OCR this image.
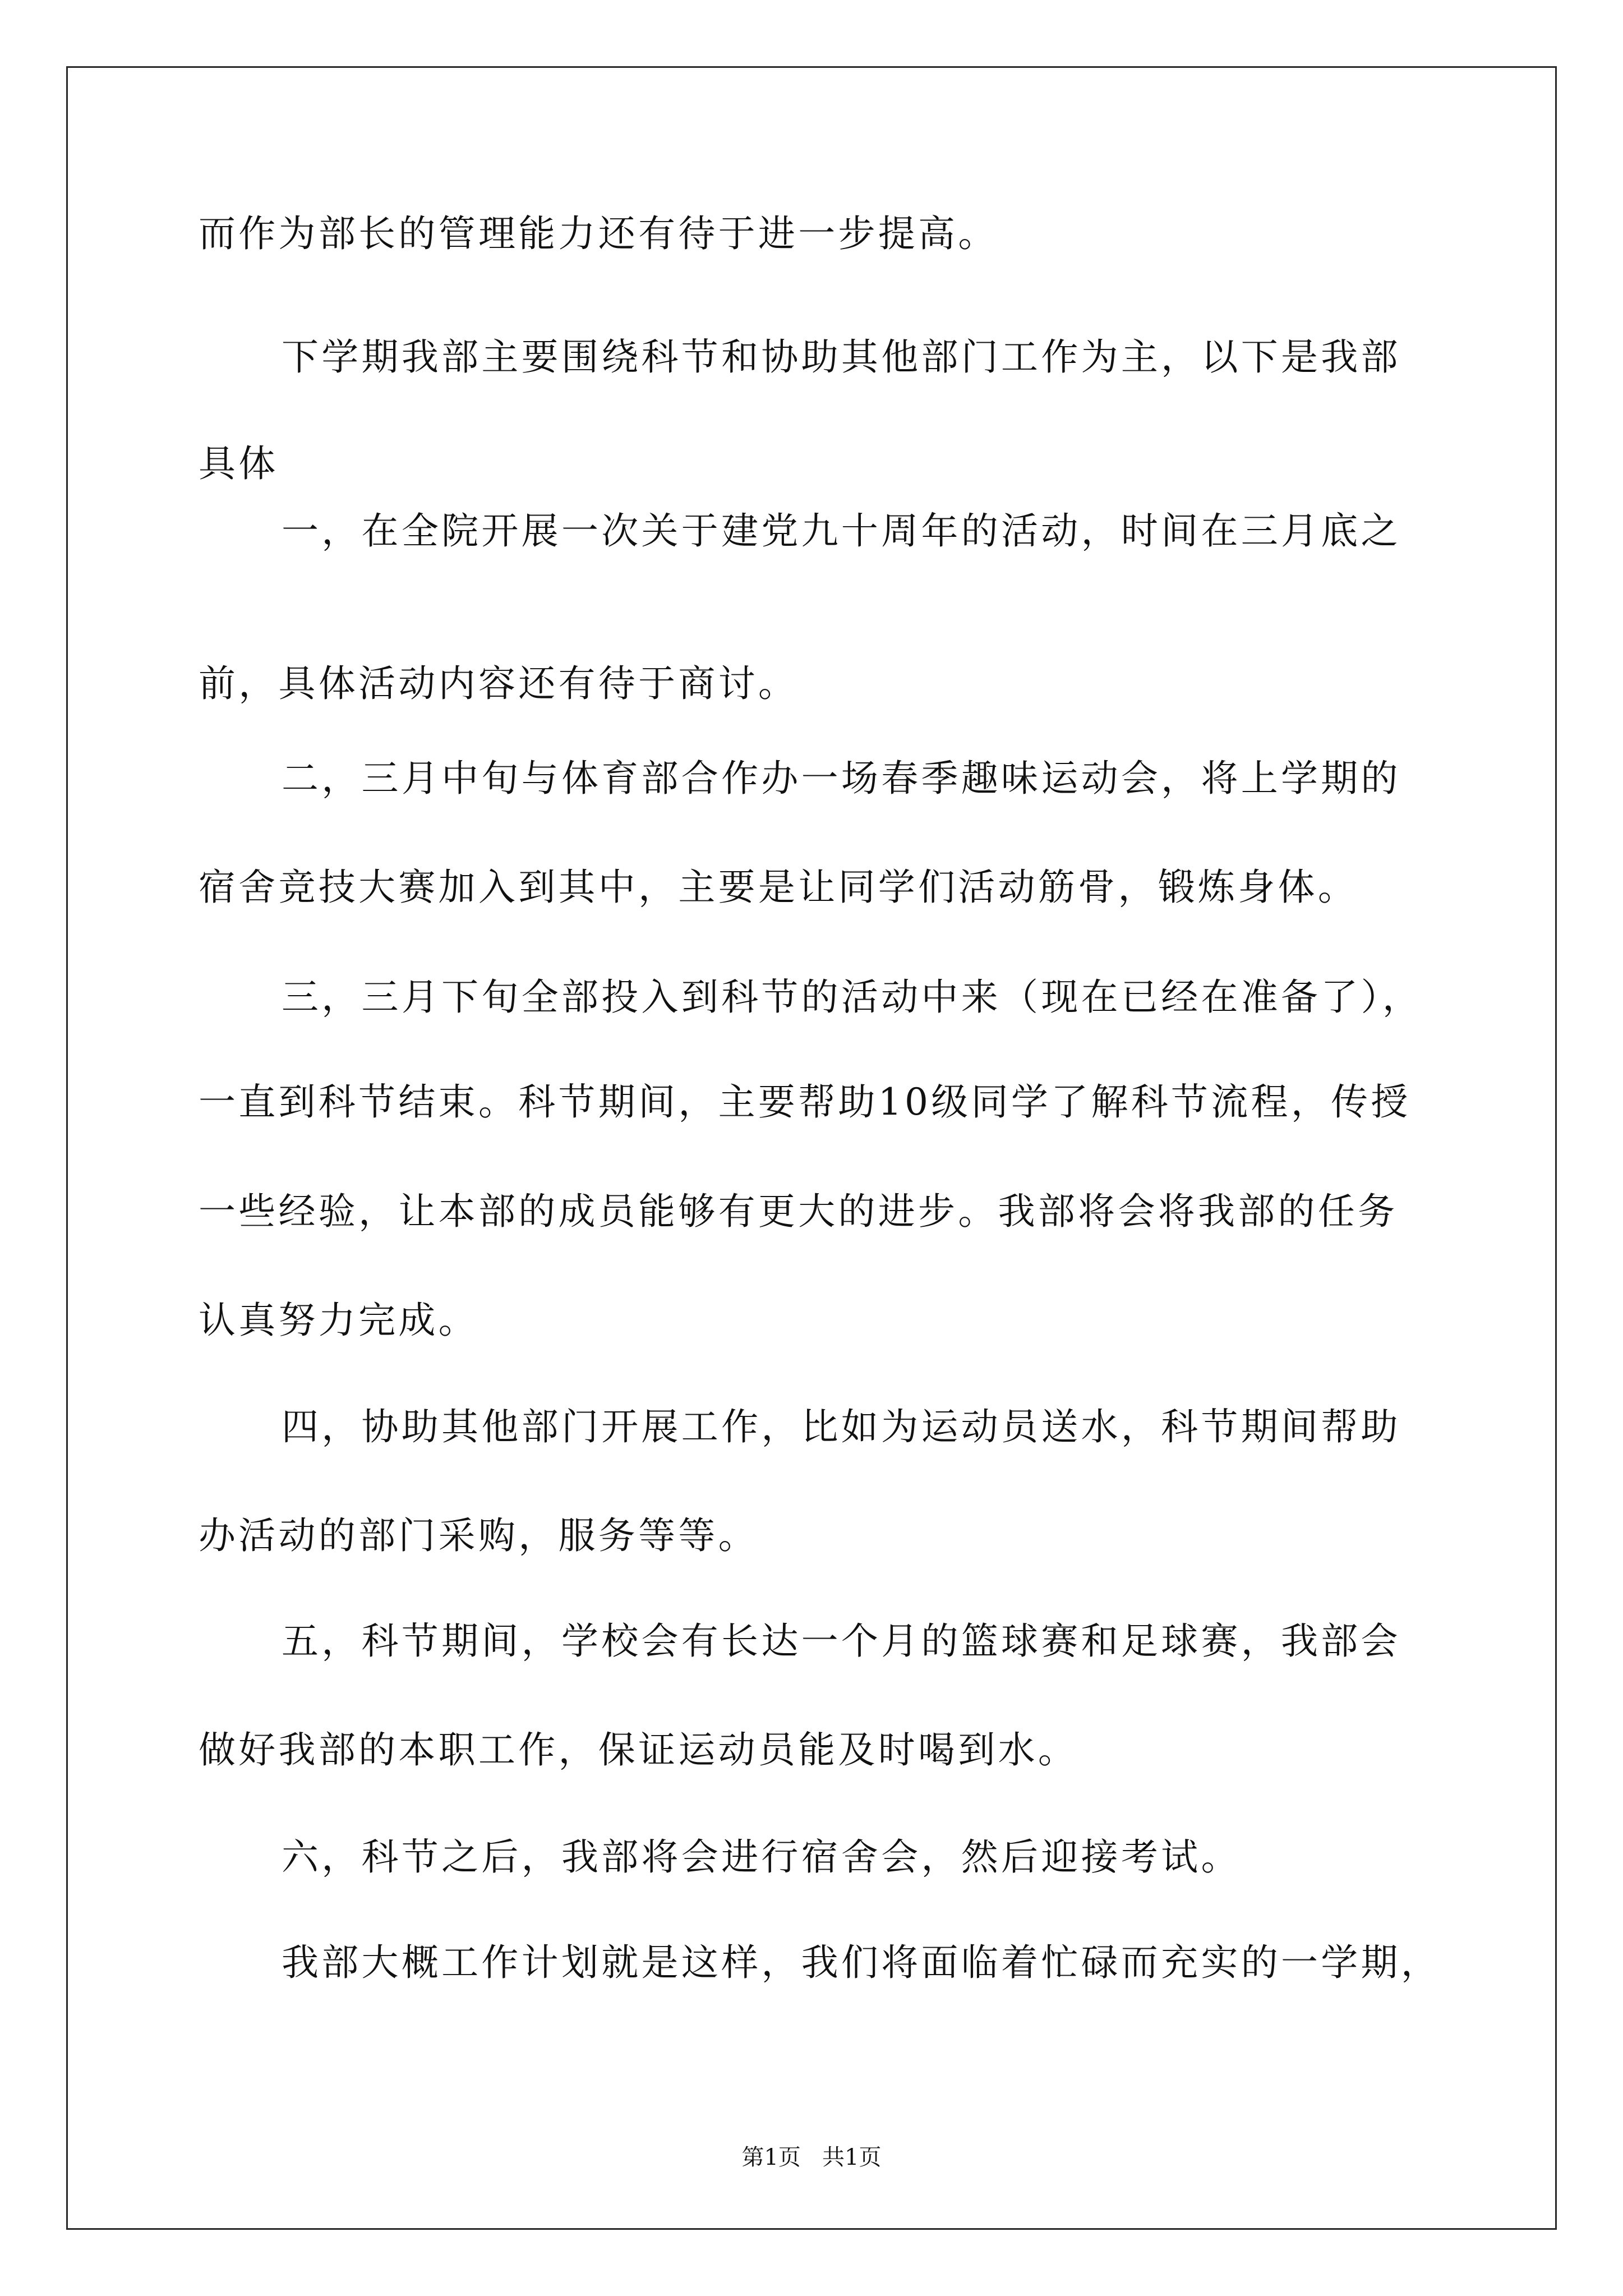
而作为部长的管理能力还有待于进一步提高。
下学期我部主要围绕科节和协助其他部门工作为主，以下是我部
具体
一，在全院开展一次关于建党九十周年的活动，时间在三月底之
前，具体活动内容还有待于商讨。
二，三月中旬与体育部合作办一场春季趣味运动会，将上学期的
宿舍竞技大赛加入到其中，主要是让同学们活动筋骨，锻炼身体。
三，三月下旬全部投入到科节的活动中来（现在已经在准备了），
一直到科节结束。科节期间，主要帮助10级同学了解科节流程，传授
一些经验，让本部的成员能够有更大的进步。我部将会将我部的任务
认真努力完成。
四，协助其他部门开展工作，比如为运动员送水，科节期间帮助
办活动的部门采购，服务等等。
五，科节期间，学校会有长达一个月的篮球赛和足球赛，我部会
做好我部的本职工作，保证运动员能及时喝到水。
六，科节之后，我部将会进行宿舍会，然后迎接考试。
我部大概工作计划就是这样，我们将面临着忙碌而充实的一学期，
第1页   共1页
